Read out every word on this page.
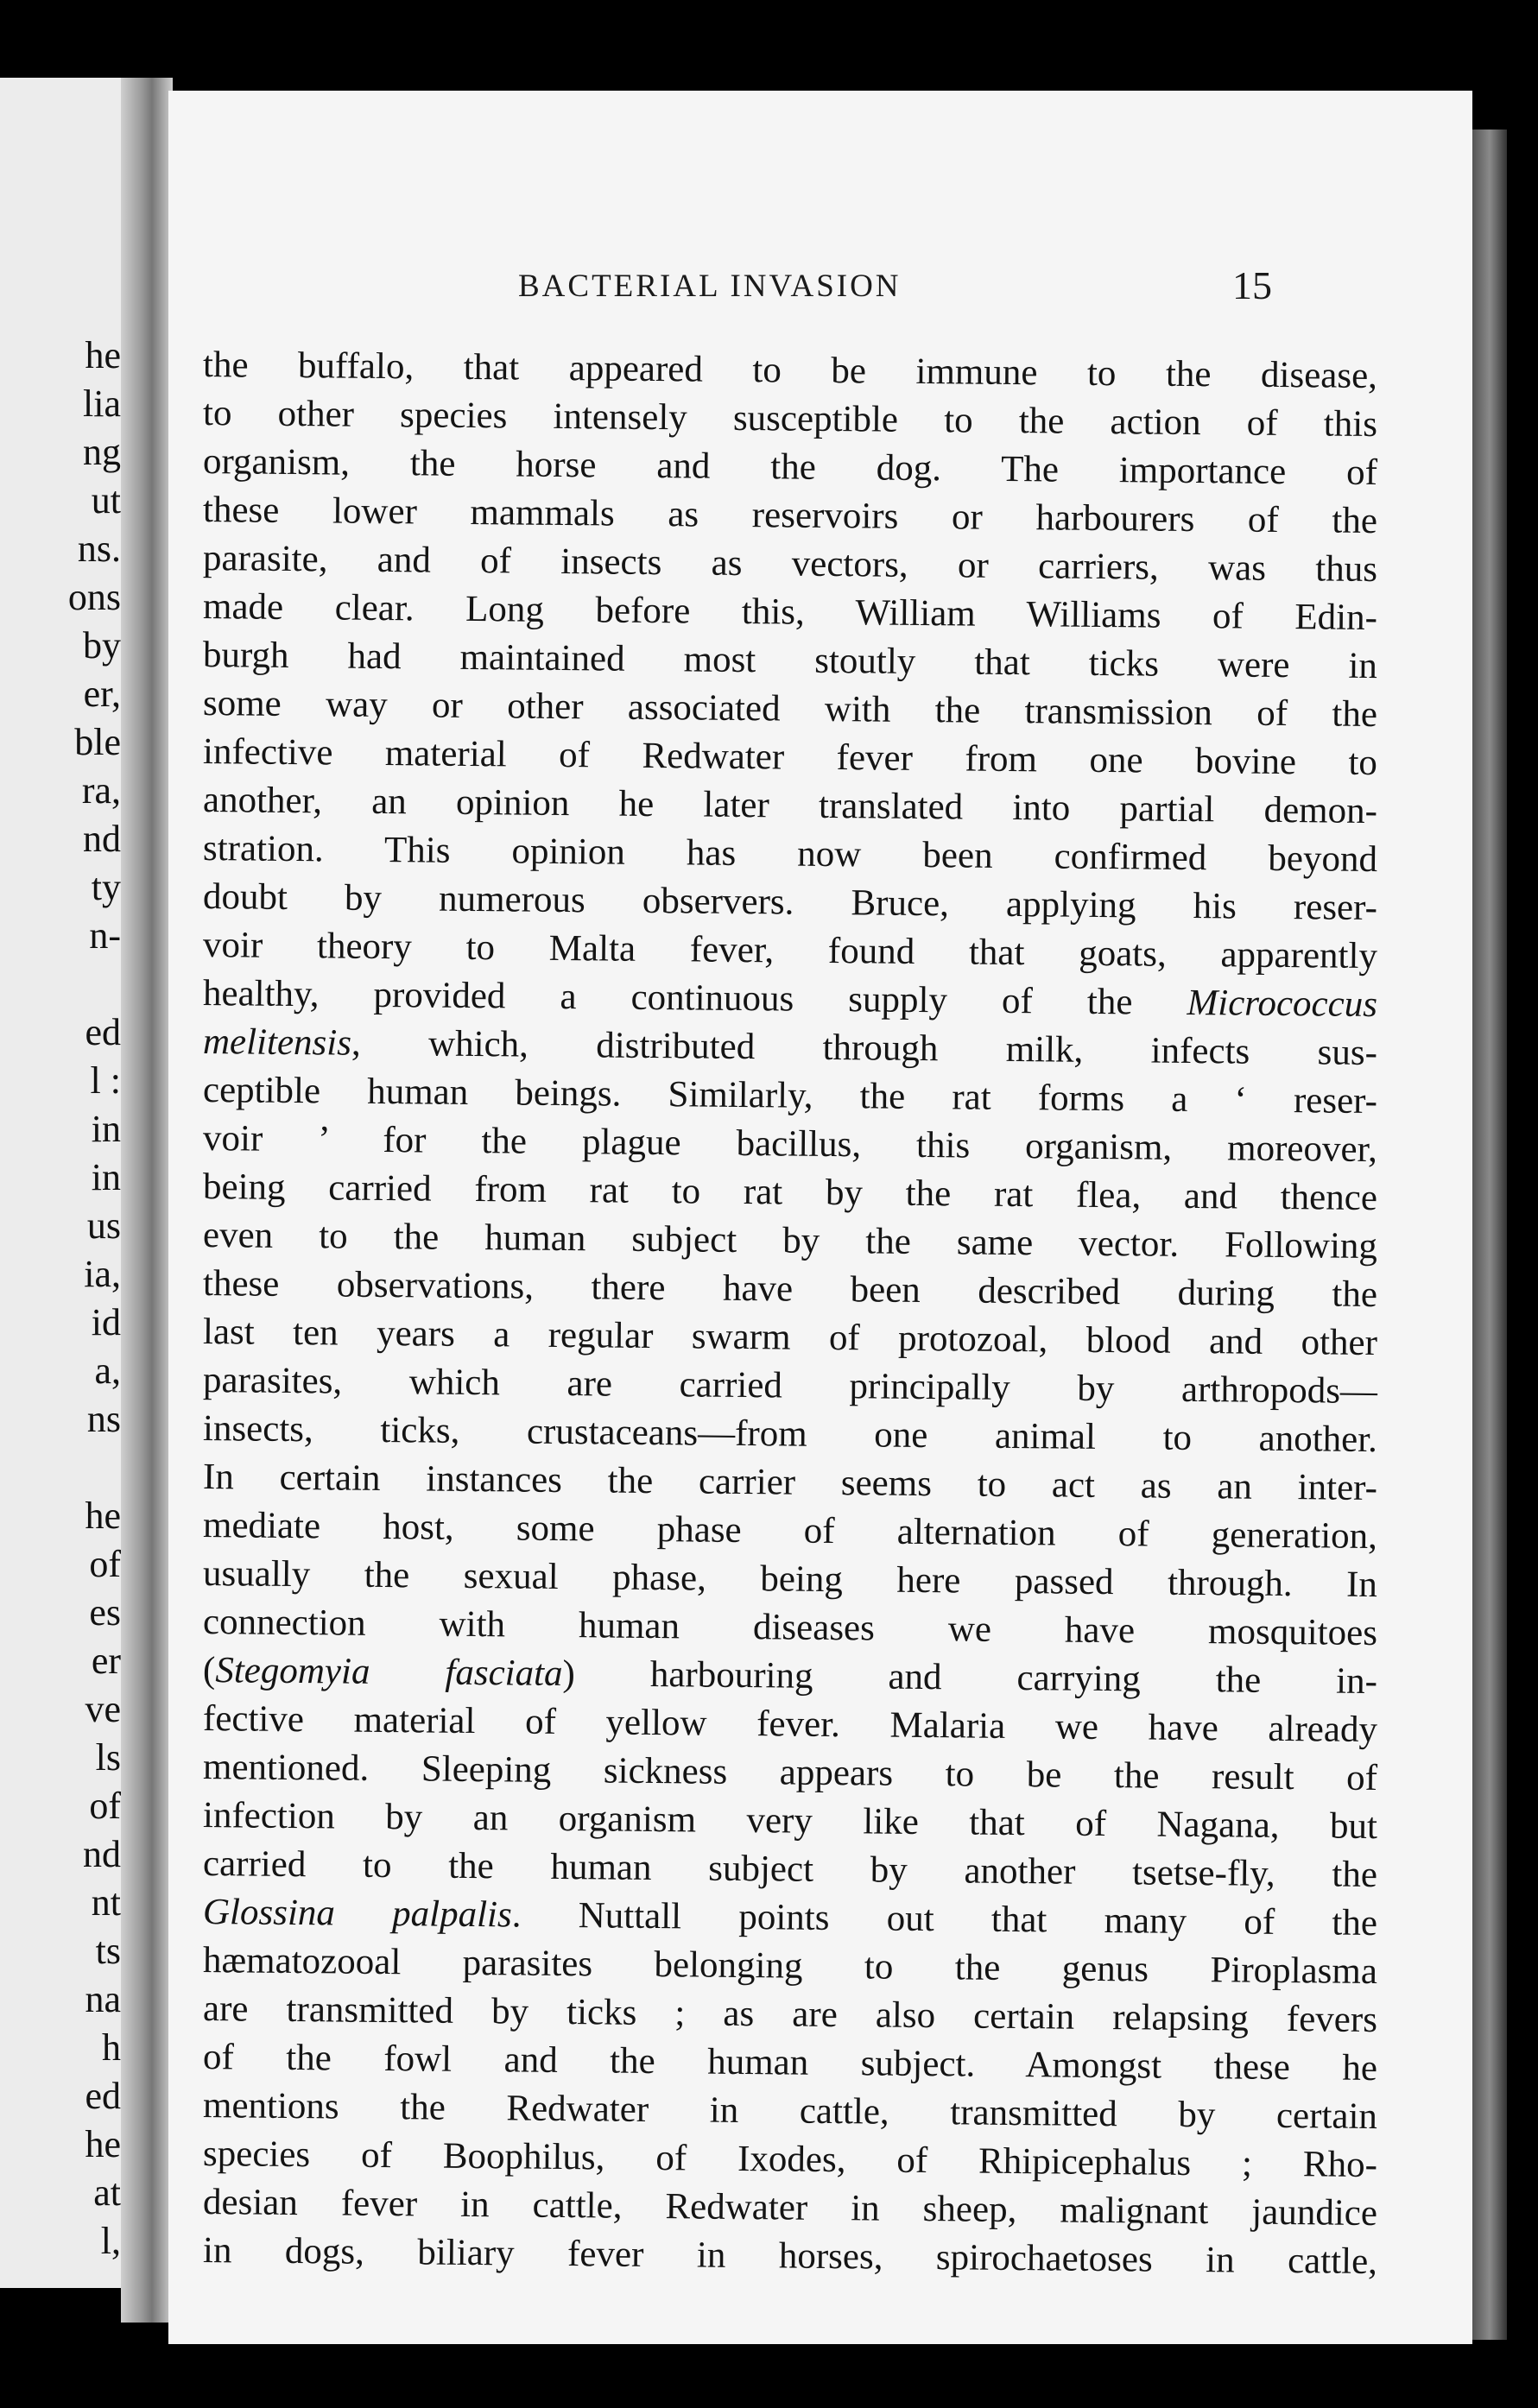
he
lia
ng
ut
ns.
ons
by
er,
ble
ra,
nd
ty
n-
ed
l :
in
in
us
ia,
id
a,
ns
he
of
es
er
ve
ls
of
nd
nt
ts
na
h
ed
he
at
l,
BACTERIAL INVASION	15
the buffalo, that appeared to be immune to the disease,
to other species intensely susceptible to the action of this
organism, the horse and the dog. The importance of
these lower mammals as reservoirs or harbourers of the
parasite, and of insects as vectors, or carriers, was thus
made clear. Long before this, William Williams of Edin-
burgh had maintained most stoutly that ticks were in
some way or other associated with the transmission of the
infective material of Redwater fever from one bovine to
another, an opinion he later translated into partial demon-
stration. This opinion has now been confirmed beyond
doubt by numerous observers. Bruce, applying his reser-
voir theory to Malta fever, found that goats, apparently
healthy, provided a continuous supply of the Micrococcus
melitensis, which, distributed through milk, infects sus-
ceptible human beings. Similarly, the rat forms a ‘ reser-
voir ’ for the plague bacillus, this organism, moreover,
being carried from rat to rat by the rat flea, and thence
even to the human subject by the same vector. Following
these observations, there have been described during the
last ten years a regular swarm of protozoal, blood and other
parasites, which are carried principally by arthropods—
insects, ticks, crustaceans—from one animal to another.
In certain instances the carrier seems to act as an inter-
mediate host, some phase of alternation of generation,
usually the sexual phase, being here passed through. In
connection with human diseases we have mosquitoes
(Stegomyia fasciata) harbouring and carrying the in-
fective material of yellow fever. Malaria we have already
mentioned. Sleeping sickness appears to be the result of
infection by an organism very like that of Nagana, but
carried to the human subject by another tsetse-fly, the
Glossina palpalis. Nuttall points out that many of the
hæmatozooal parasites belonging to the genus Piroplasma
are transmitted by ticks ; as are also certain relapsing fevers
of the fowl and the human subject. Amongst these he
mentions the Redwater in cattle, transmitted by certain
species of Boophilus, of Ixodes, of Rhipicephalus ; Rho-
desian fever in cattle, Redwater in sheep, malignant jaundice
in dogs, biliary fever in horses, spirochaetoses in cattle,
